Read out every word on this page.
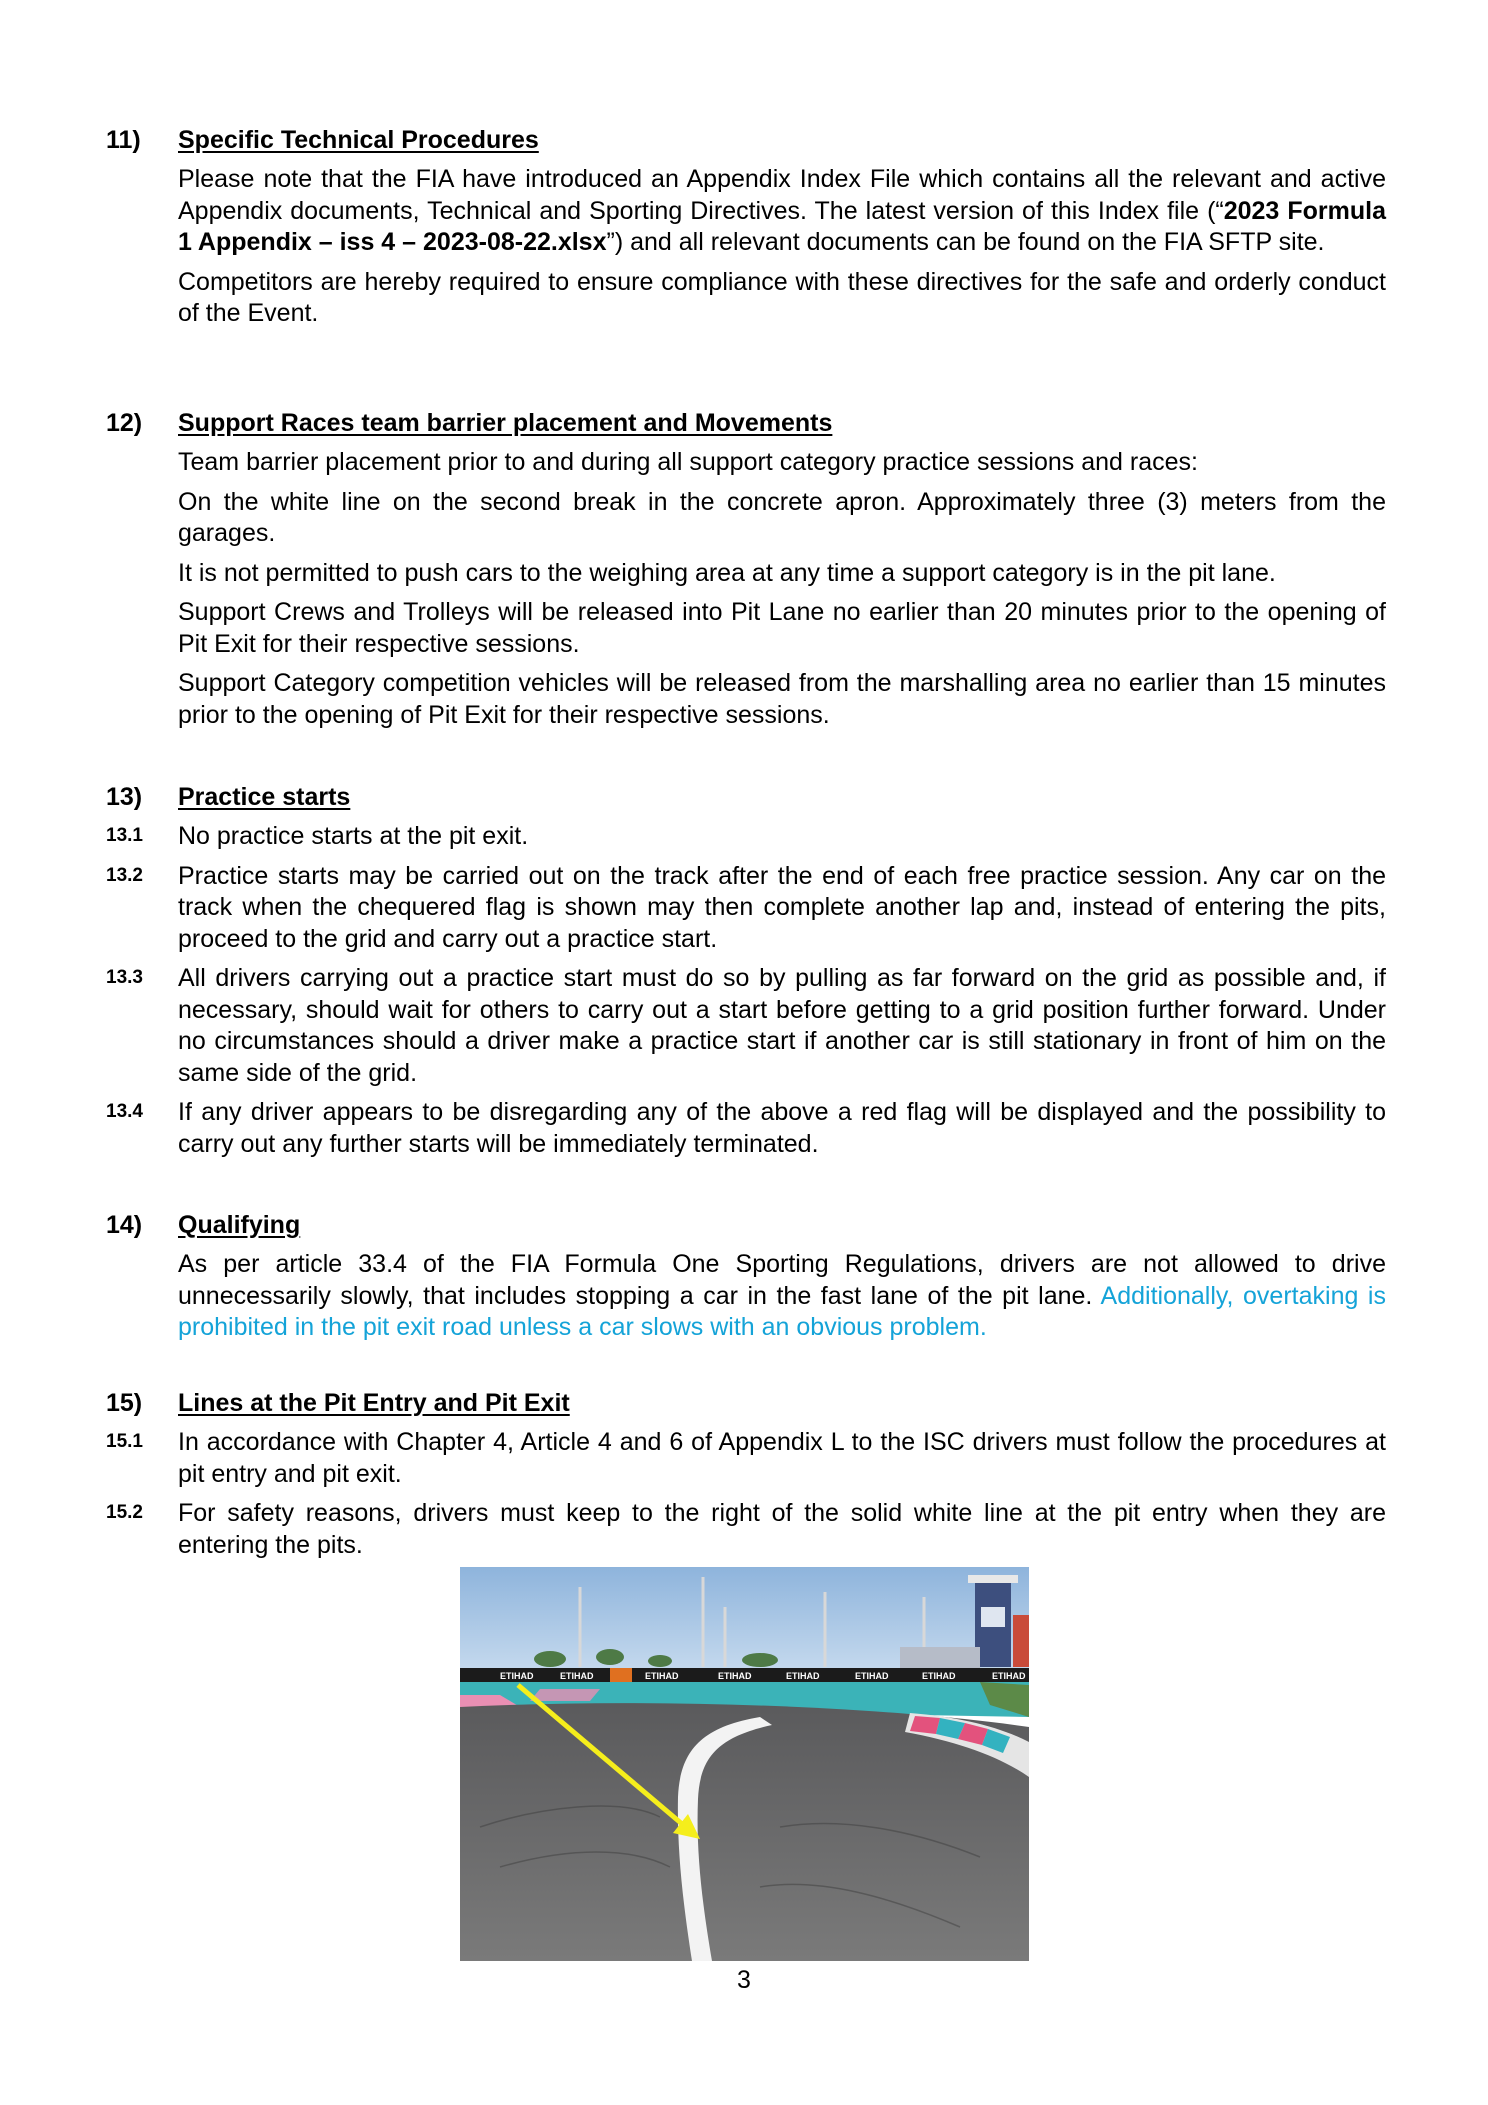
11) Specific Technical Procedures
Please note that the FIA have introduced an Appendix Index File which contains all the relevant and active Appendix documents, Technical and Sporting Directives. The latest version of this Index file (“2023 Formula 1 Appendix – iss 4 – 2023-08-22.xlsx”) and all relevant documents can be found on the FIA SFTP site.
Competitors are hereby required to ensure compliance with these directives for the safe and orderly conduct of the Event.
12) Support Races team barrier placement and Movements
Team barrier placement prior to and during all support category practice sessions and races:
On the white line on the second break in the concrete apron. Approximately three (3) meters from the garages.
It is not permitted to push cars to the weighing area at any time a support category is in the pit lane.
Support Crews and Trolleys will be released into Pit Lane no earlier than 20 minutes prior to the opening of Pit Exit for their respective sessions.
Support Category competition vehicles will be released from the marshalling area no earlier than 15 minutes prior to the opening of Pit Exit for their respective sessions.
13) Practice starts
13.1 No practice starts at the pit exit.
13.2 Practice starts may be carried out on the track after the end of each free practice session. Any car on the track when the chequered flag is shown may then complete another lap and, instead of entering the pits, proceed to the grid and carry out a practice start.
13.3 All drivers carrying out a practice start must do so by pulling as far forward on the grid as possible and, if necessary, should wait for others to carry out a start before getting to a grid position further forward. Under no circumstances should a driver make a practice start if another car is still stationary in front of him on the same side of the grid.
13.4 If any driver appears to be disregarding any of the above a red flag will be displayed and the possibility to carry out any further starts will be immediately terminated.
14) Qualifying
As per article 33.4 of the FIA Formula One Sporting Regulations, drivers are not allowed to drive unnecessarily slowly, that includes stopping a car in the fast lane of the pit lane. Additionally, overtaking is prohibited in the pit exit road unless a car slows with an obvious problem.
15) Lines at the Pit Entry and Pit Exit
15.1 In accordance with Chapter 4, Article 4 and 6 of Appendix L to the ISC drivers must follow the procedures at pit entry and pit exit.
15.2 For safety reasons, drivers must keep to the right of the solid white line at the pit entry when they are entering the pits.
ETIHAD	ETIHAD	ETIHAD	ETIHAD	ETIHAD	ETIHAD	ETIHAD	ETIHAD
3
